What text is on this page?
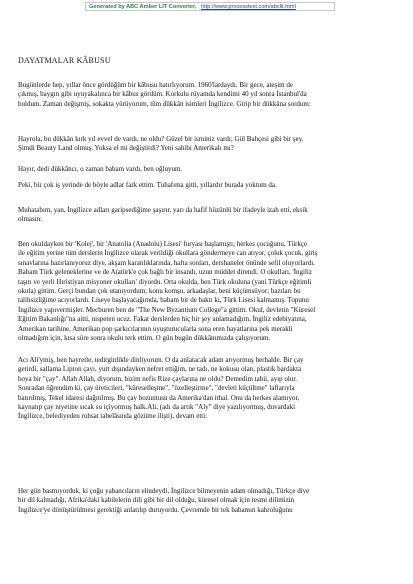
Generated by ABC Amber LIT Converter, http://www.processtext.com/abclit.html
DAYATMALAR KÂBUSU
Bugünlerde hep, yıllar önce gördüğüm bir kâbusu hatırlıyorum. 1960'lardaydı. Bir gece, ateşim de
çıkmış, baygın gibi uyuyakalınca bir kâbus gördüm. Korkulu rüyamda kendimi 40 yıl sonra İstanbul'da
buldum. Zaman değişmiş, sokakta yürüyorum, tüm dükkân isimleri İngilizce. Girip bir dükkâna sordum:
Hayrola, bu dükkân kırk yıl evvel de vardı, ne oldu? Güzel bir isminiz vardı; Gül Bahçesi gibi bir şey.
Şimdi Beauty Land olmuş. Yoksa el mi değiştirdi? Yeni sahibi Amerikalı mı?
Hayır, dedi dükkâncı, o zaman babam vardı, ben oğluyum.
Peki, bir çok iş yerinde de böyle adlar fark ettim. Tuhafıma gitti, yıllardır burada yoktum da.
Muhatabım, yan, İngilizce adları garipsediğime şaşırır, yarı da hafif hüzünlü bir ifadeyle izah etti, eksik
olmasın:
Ben okuldayken bir 'Kolej', bir 'Anatolia (Anadolu) Lisesi' furyası başlamıştı; herkes çocuğunu, Türkçe
ile eğitim yerine tüm derslerin İngilizce olarak verildiği okullara göndermeye can atıyor, çoluk çocuk, giriş
sınavlarına hazırlanıyoruz diye, akşam karanlıklarında, hafta sonları, dershaneler önünde sefil oluyorlardı.
Babam Türk geleneklerine ve de Atatürk'e çok bağlı bir insandı, uzun müddet direndi. O okulları, 'İngiliz
taşıtı ve yerli Hıristiyan misyoner okulları' diyordu. Orta okulda, ben Türk okuluna (yani Türkçe eğitimli
okula) gittim. Gerçi bundan çok utanıyordum; konu komşu, arkadaşlar, beni küçümsüyor; bazıları bu
talihsizliğime acıyorlardı. Liseye başlayacağımda, babam bir de baktı ki, Türk Lisesi kalmamış. Topunu
İngilizce yapıvermişler. Mecburen ben de "The New Byzantium College"a gittim. Okul, devletin "Küresel
Eğitim Bakanlığı"na aitti, nispeten ucuz. Fakat derslerden hiç bir şey anlamadığım, İngiliz edebiyatına,
Amerikan tarihine, Amerikan pop şarkıcılarının uyuşturucularla sona eren hayatlarına pek merakli
olmadığım için, kısa süre sonra okulu terk ettim. O gün bugün dükkânımızda çalışıyorum.
Acı Ali'ymiş, ben hayretle, tedirginlikle dinliyorum. O da anlatacak adam arıyormuş herhalde. Bir çay
getirdi, sallama Lipton çayı, yurt dışındayken nefret ettiğim, ne tadı, ne kokusu olan, plastik bardakta
boya bir "çay". Allah Allah, diyorum, bizim nefis Rize çaylarına ne oldu? Demedim tabii, ayıp olur.
Sonradan öğrendim ki, çay üreticileri, "küreselleşme", "özelleştirme", "devleti küçültme" laflarıyla
batırılmış, Tekel idaresi dağıtılmış. Bu çay bozuntusu da Amerika'dan ithal. Onu da herkes alamıyor,
kaynatıp çay niyetine sıcak su içiyormuş halk.Ali, (adı da artık "Aly" diye yazılıyormuş, duvardaki
İngilizce, belediyeden ruhsat tabelâsında gözüme ilişti), devam etti:
Her gün basmıyorduk, ki çoğu yabancıların elindeydi, İngilizce bilmeyenin adam olmadığı, Türkçe diye
bir dil kalmadığı, Afrika'daki kabilelerin dili gibi bir dil olduğu, küresel olmak için resmi dilimizin
İngilizce'ye dönüştürülmesi gerektiği anlatılıp duruyordu. Çevremde bir tek babamın kahroluğunu
